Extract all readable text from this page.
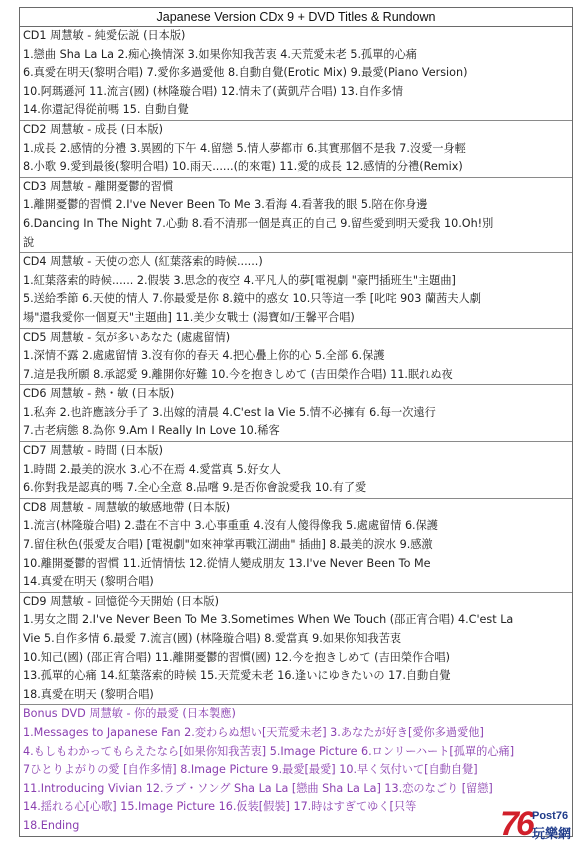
Japanese Version CDx 9 + DVD Titles & Rundown
CD1 周慧敏 - 純愛伝説 (日本版)
1.戀曲 Sha La La 2.痴心換情深 3.如果你知我苦衷 4.天荒愛未老 5.孤單的心痛
6.真愛在明天(黎明合唱) 7.愛你多過愛他 8.自動自覺(Erotic Mix) 9.最愛(Piano Version)
10.阿瑪遜河 11.流言(國) (林隆璇合唱) 12.情未了(黃凱芹合唱) 13.自作多情
14.你還記得從前嗎 15. 自動自覺
CD2 周慧敏 - 成長 (日本版)
1.成長 2.感情的分禮 3.異國的下午 4.留戀 5.情人夢都市 6.其實那個不是我 7.沒愛一身輕
8.小歌 9.愛到最後(黎明合唱) 10.雨天......(的來電) 11.愛的成長 12.感情的分禮(Remix)
CD3 周慧敏 - 離開憂鬱的習慣
1.離開憂鬱的習慣 2.I've Never Been To Me 3.看海 4.看著我的眼 5.陪在你身邊
6.Dancing In The Night 7.心動 8.看不清那一個是真正的自己 9.留些愛到明天愛我 10.Oh!別
說
CD4 周慧敏 - 天使の恋人 (紅葉落索的時候......)
1.紅葉落索的時候...... 2.假裝 3.思念的夜空 4.平凡人的夢[電視劇 "豪門插班生"主題曲]
5.送給季節 6.天使的情人 7.你最愛是你 8.鏡中的惑女 10.只等這一季 [叱咤 903 蘭茜夫人劇
場"還我愛你一個夏天"主題曲] 11.美少女戰士 (湯寶如/王馨平合唱)
CD5 周慧敏 - 気が多いあなた (處處留情)
1.深情不露 2.處處留情 3.沒有你的春天 4.把心疊上你的心 5.全部 6.保護
7.這是我所願 8.承認愛 9.離開你好難 10.今を抱きしめて (吉田榮作合唱) 11.眠れぬ夜
CD6 周慧敏 - 熱・敏 (日本版)
1.私奔 2.也許應該分手了 3.出嫁的清晨 4.C'est la Vie 5.情不必擁有 6.每一次遠行
7.古老病態 8.為你 9.Am I Really In Love 10.稀客
CD7 周慧敏 - 時間 (日本版)
1.時間 2.最美的淚水 3.心不在焉 4.愛當真 5.好女人
6.你對我是認真的嗎 7.全心全意 8.品嚐 9.是否你會說愛我 10.有了愛
CD8 周慧敏 - 周慧敏的敏感地帶 (日本版)
1.流言(林隆璇合唱) 2.盡在不言中 3.心事重重 4.沒有人傻得像我 5.處處留情 6.保護
7.留住秋色(張愛友合唱) [電視劇"如來神掌再戰江湖曲" 插曲] 8.最美的淚水 9.感激
10.離開憂鬱的習慣 11.近情情怯 12.從情人變成朋友 13.I've Never Been To Me
14.真愛在明天 (黎明合唱)
CD9 周慧敏 - 回憶從今天開始 (日本版)
1.男女之間 2.I've Never Been To Me 3.Sometimes When We Touch (邵正宵合唱) 4.C'est La
Vie 5.自作多情 6.最愛 7.流言(國) (林隆璇合唱) 8.愛當真 9.如果你知我苦衷
10.知己(國) (邵正宵合唱) 11.離開憂鬱的習慣(國) 12.今を抱きしめて (吉田榮作合唱)
13.孤單的心痛 14.紅葉落索的時候 15.天荒愛未老 16.逢いにゆきたいの 17.自動自覺
18.真愛在明天 (黎明合唱)
Bonus DVD 周慧敏 - 你的最愛 (日本製應)
1.Messages to Japanese Fan 2.変わらぬ想い[天荒愛未老] 3.あなたが好き[愛你多過愛他]
4.もしもわかってもらえたなら[如果你知我苦衷] 5.Image Picture 6.ロンリーハート[孤單的心痛]
7ひとりよがりの愛 [自作多情] 8.Image Picture 9.最愛[最愛] 10.早く気付いて[自動自覺]
11.Introducing Vivian 12.ラブ・ソング Sha La La [戀曲 Sha La La] 13.恋のなごり [留戀]
14.揺れる心[心歌] 15.Image Picture 16.仮装[假裝] 17.時はすぎてゆく[只等
18.Ending	76 Post76
玩樂網
